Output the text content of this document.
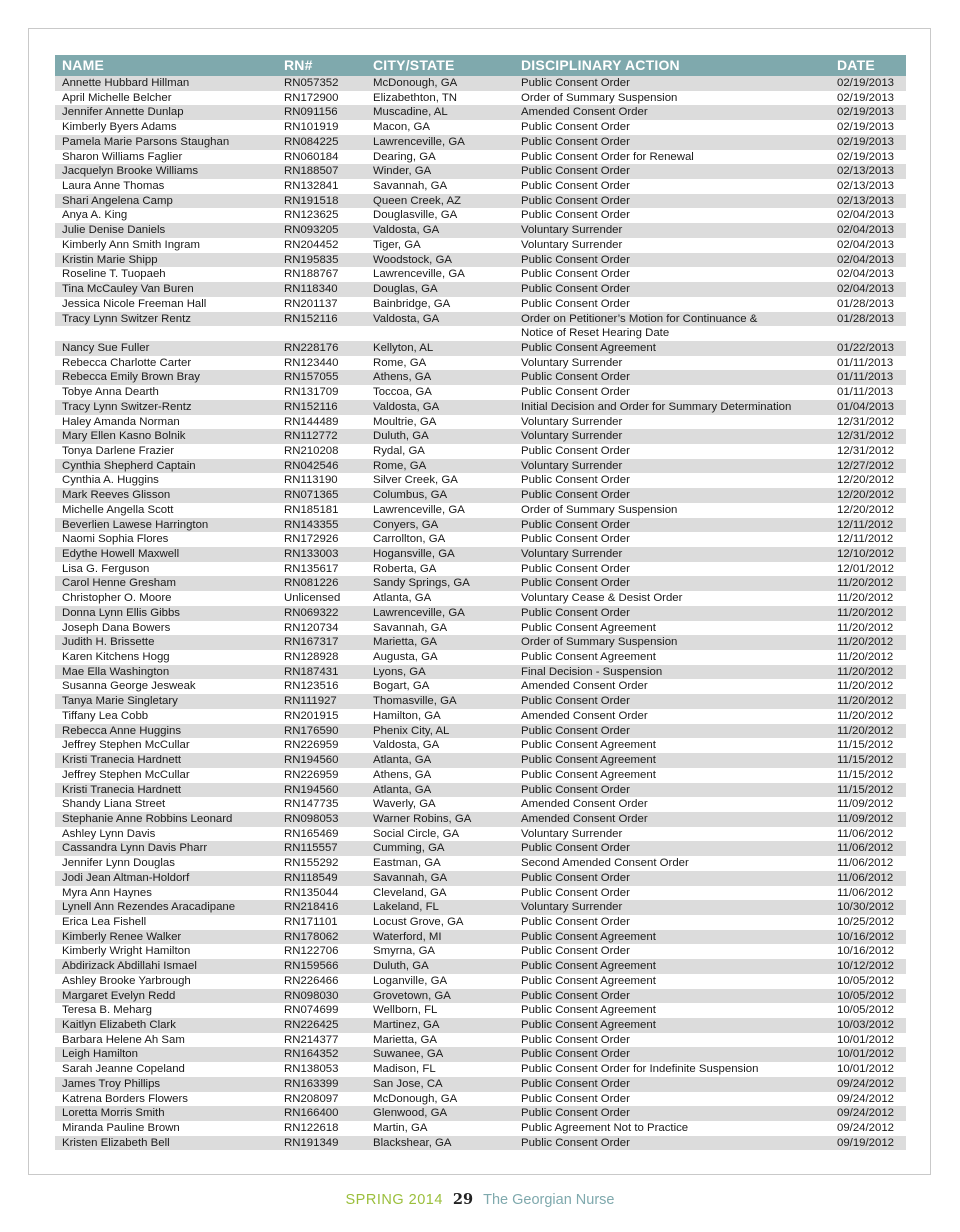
NAME	RN#	CITY/STATE	DISCIPLINARY ACTION	DATE
Annette Hubbard Hillman	RN057352	McDonough, GA	Public Consent Order	02/19/2013
April Michelle Belcher	RN172900	Elizabethton, TN	Order of Summary Suspension	02/19/2013
Jennifer Annette Dunlap	RN091156	Muscadine, AL	Amended Consent Order	02/19/2013
Kimberly Byers Adams	RN101919	Macon, GA	Public Consent Order	02/19/2013
Pamela Marie Parsons Staughan	RN084225	Lawrenceville, GA	Public Consent Order	02/19/2013
Sharon Williams Faglier	RN060184	Dearing, GA	Public Consent Order for Renewal	02/19/2013
Jacquelyn Brooke Williams	RN188507	Winder, GA	Public Consent Order	02/13/2013
Laura Anne Thomas	RN132841	Savannah, GA	Public Consent Order	02/13/2013
Shari Angelena Camp	RN191518	Queen Creek, AZ	Public Consent Order	02/13/2013
Anya A. King	RN123625	Douglasville, GA	Public Consent Order	02/04/2013
Julie Denise Daniels	RN093205	Valdosta, GA	Voluntary Surrender	02/04/2013
Kimberly Ann Smith Ingram	RN204452	Tiger, GA	Voluntary Surrender	02/04/2013
Kristin Marie Shipp	RN195835	Woodstock, GA	Public Consent Order	02/04/2013
Roseline T. Tuopaeh	RN188767	Lawrenceville, GA	Public Consent Order	02/04/2013
Tina McCauley Van Buren	RN118340	Douglas, GA	Public Consent Order	02/04/2013
Jessica Nicole Freeman Hall	RN201137	Bainbridge, GA	Public Consent Order	01/28/2013
Tracy Lynn Switzer Rentz	RN152116	Valdosta, GA	Order on Petitioner’s Motion for Continuance &	01/28/2013
Notice of Reset Hearing Date
Nancy Sue Fuller	RN228176	Kellyton, AL	Public Consent Agreement	01/22/2013
Rebecca Charlotte Carter	RN123440	Rome, GA	Voluntary Surrender	01/11/2013
Rebecca Emily Brown Bray	RN157055	Athens, GA	Public Consent Order	01/11/2013
Tobye Anna Dearth	RN131709	Toccoa, GA	Public Consent Order	01/11/2013
Tracy Lynn Switzer-Rentz	RN152116	Valdosta, GA	Initial Decision and Order for Summary Determination	01/04/2013
Haley Amanda Norman	RN144489	Moultrie, GA	Voluntary Surrender	12/31/2012
Mary Ellen Kasno Bolnik	RN112772	Duluth, GA	Voluntary Surrender	12/31/2012
Tonya Darlene Frazier	RN210208	Rydal, GA	Public Consent Order	12/31/2012
Cynthia Shepherd Captain	RN042546	Rome, GA	Voluntary Surrender	12/27/2012
Cynthia A. Huggins	RN113190	Silver Creek, GA	Public Consent Order	12/20/2012
Mark Reeves Glisson	RN071365	Columbus, GA	Public Consent Order	12/20/2012
Michelle Angella Scott	RN185181	Lawrenceville, GA	Order of Summary Suspension	12/20/2012
Beverlien Lawese Harrington	RN143355	Conyers, GA	Public Consent Order	12/11/2012
Naomi Sophia Flores	RN172926	Carrollton, GA	Public Consent Order	12/11/2012
Edythe Howell Maxwell	RN133003	Hogansville, GA	Voluntary Surrender	12/10/2012
Lisa G. Ferguson	RN135617	Roberta, GA	Public Consent Order	12/01/2012
Carol Henne Gresham	RN081226	Sandy Springs, GA	Public Consent Order	11/20/2012
Christopher O. Moore	Unlicensed	Atlanta, GA	Voluntary Cease & Desist Order	11/20/2012
Donna Lynn Ellis Gibbs	RN069322	Lawrenceville, GA	Public Consent Order	11/20/2012
Joseph Dana Bowers	RN120734	Savannah, GA	Public Consent Agreement	11/20/2012
Judith H. Brissette	RN167317	Marietta, GA	Order of Summary Suspension	11/20/2012
Karen Kitchens Hogg	RN128928	Augusta, GA	Public Consent Agreement	11/20/2012
Mae Ella Washington	RN187431	Lyons, GA	Final Decision - Suspension	11/20/2012
Susanna George Jesweak	RN123516	Bogart, GA	Amended Consent Order	11/20/2012
Tanya Marie Singletary	RN111927	Thomasville, GA	Public Consent Order	11/20/2012
Tiffany Lea Cobb	RN201915	Hamilton, GA	Amended Consent Order	11/20/2012
Rebecca Anne Huggins	RN176590	Phenix City, AL	Public Consent Order	11/20/2012
Jeffrey Stephen McCullar	RN226959	Valdosta, GA	Public Consent Agreement	11/15/2012
Kristi Tranecia Hardnett	RN194560	Atlanta, GA	Public Consent Agreement	11/15/2012
Jeffrey Stephen McCullar	RN226959	Athens, GA	Public Consent Agreement	11/15/2012
Kristi Tranecia Hardnett	RN194560	Atlanta, GA	Public Consent Order	11/15/2012
Shandy Liana Street	RN147735	Waverly, GA	Amended Consent Order	11/09/2012
Stephanie Anne Robbins Leonard	RN098053	Warner Robins, GA	Amended Consent Order	11/09/2012
Ashley Lynn Davis	RN165469	Social Circle, GA	Voluntary Surrender	11/06/2012
Cassandra Lynn Davis Pharr	RN115557	Cumming, GA	Public Consent Order	11/06/2012
Jennifer Lynn Douglas	RN155292	Eastman, GA	Second Amended Consent Order	11/06/2012
Jodi Jean Altman-Holdorf	RN118549	Savannah, GA	Public Consent Order	11/06/2012
Myra Ann Haynes	RN135044	Cleveland, GA	Public Consent Order	11/06/2012
Lynell Ann Rezendes Aracadipane	RN218416	Lakeland, FL	Voluntary Surrender	10/30/2012
Erica Lea Fishell	RN171101	Locust Grove, GA	Public Consent Order	10/25/2012
Kimberly Renee Walker	RN178062	Waterford, MI	Public Consent Agreement	10/16/2012
Kimberly Wright Hamilton	RN122706	Smyrna, GA	Public Consent Order	10/16/2012
Abdirizack Abdillahi Ismael	RN159566	Duluth, GA	Public Consent Agreement	10/12/2012
Ashley Brooke Yarbrough	RN226466	Loganville, GA	Public Consent Agreement	10/05/2012
Margaret Evelyn Redd	RN098030	Grovetown, GA	Public Consent Order	10/05/2012
Teresa B. Meharg	RN074699	Wellborn, FL	Public Consent Agreement	10/05/2012
Kaitlyn Elizabeth Clark	RN226425	Martinez, GA	Public Consent Agreement	10/03/2012
Barbara Helene Ah Sam	RN214377	Marietta, GA	Public Consent Order	10/01/2012
Leigh Hamilton	RN164352	Suwanee, GA	Public Consent Order	10/01/2012
Sarah Jeanne Copeland	RN138053	Madison, FL	Public Consent Order for Indefinite Suspension	10/01/2012
James Troy Phillips	RN163399	San Jose, CA	Public Consent Order	09/24/2012
Katrena Borders Flowers	RN208097	McDonough, GA	Public Consent Order	09/24/2012
Loretta Morris Smith	RN166400	Glenwood, GA	Public Consent Order	09/24/2012
Miranda Pauline Brown	RN122618	Martin, GA	Public Agreement Not to Practice	09/24/2012
Kristen Elizabeth Bell	RN191349	Blackshear, GA	Public Consent Order	09/19/2012
SPRING 2014 29 The Georgian Nurse
